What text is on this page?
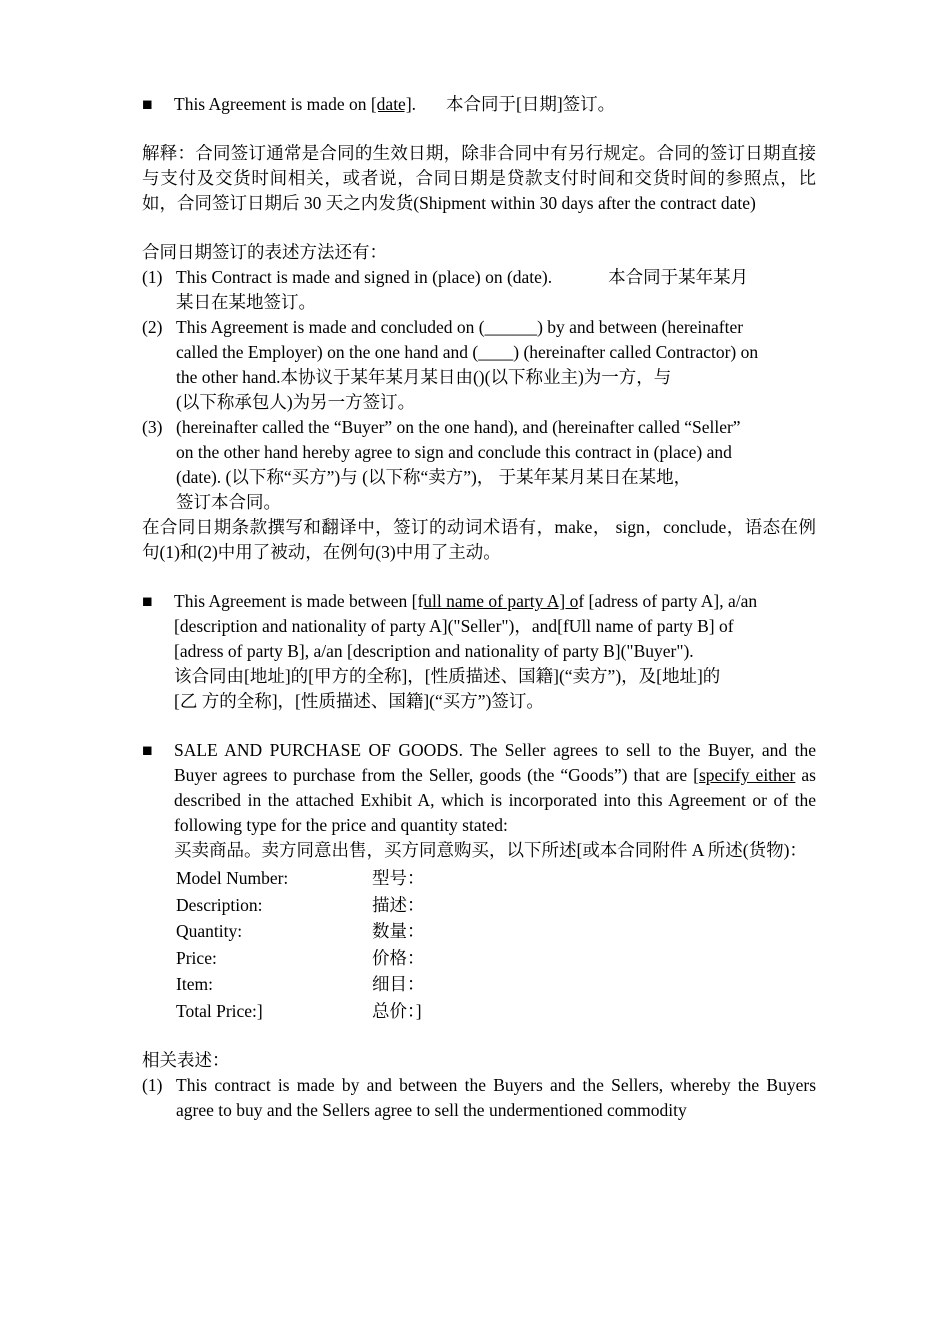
■	This Agreement is made on [date]. 本合同于[日期]签订。

解释：合同签订通常是合同的生效日期，除非合同中有另行规定。合同的签订日期直接与支付及交货时间相关，或者说，合同日期是贷款支付时间和交货时间的参照点，比如，合同签订日期后 30 天之内发货(Shipment within 30 days after the contract date)

合同日期签订的表述方法还有：

(1) This Contract is made and signed in (place) on (date).	本合同于某年某月

某日在某地签订。

(2) This Agreement is made and concluded on (______) by and between (hereinafter

called the Employer) on the one hand and (____) (hereinafter called Contractor) on

the other hand.本协议于某年某月某日由()(以下称业主)为一方，与

(以下称承包人)为另一方签订。

(3) (hereinafter called the “Buyer” on the one hand), and (hereinafter called “Seller”

on the other hand hereby agree to sign and conclude this contract in (place) and

(date). (以下称“买方”)与 (以下称“卖方”)， 于某年某月某日在某地，

签订本合同。

在合同日期条款撰写和翻译中，签订的动词术语有，make， sign，conclude，语态在例句(1)和(2)中用了被动，在例句(3)中用了主动。

■	This Agreement is made between [full name of party A] of [adress of party A], a/an

[description and nationality of party A]("Seller")，and[fUll name of party B] of

[adress of party B], a/an [description and nationality of party B]("Buyer").

该合同由[地址]的[甲方的全称]，[性质描述、国籍](“卖方”)，及[地址]的

[乙 方的全称]，[性质描述、国籍](“买方”)签订。

■	SALE AND PURCHASE OF GOODS. The Seller agrees to sell to the Buyer, and the Buyer agrees to purchase from the Seller, goods (the “Goods”) that are [specify either as described in the attached Exhibit A, which is incorporated into this Agreement or of the following type for the price and quantity stated:

买卖商品。卖方同意出售，买方同意购买，以下所述[或本合同附件 A 所述(货物)：

Model Number:	型号：
Description:	描述：
Quantity:	数量：
Price:	价格：
Item:	细目：
Total Price:]	总价：]

相关表述：

(1) This contract is made by and between the Buyers and the Sellers, whereby the Buyers agree to buy and the Sellers agree to sell the undermentioned commodity
